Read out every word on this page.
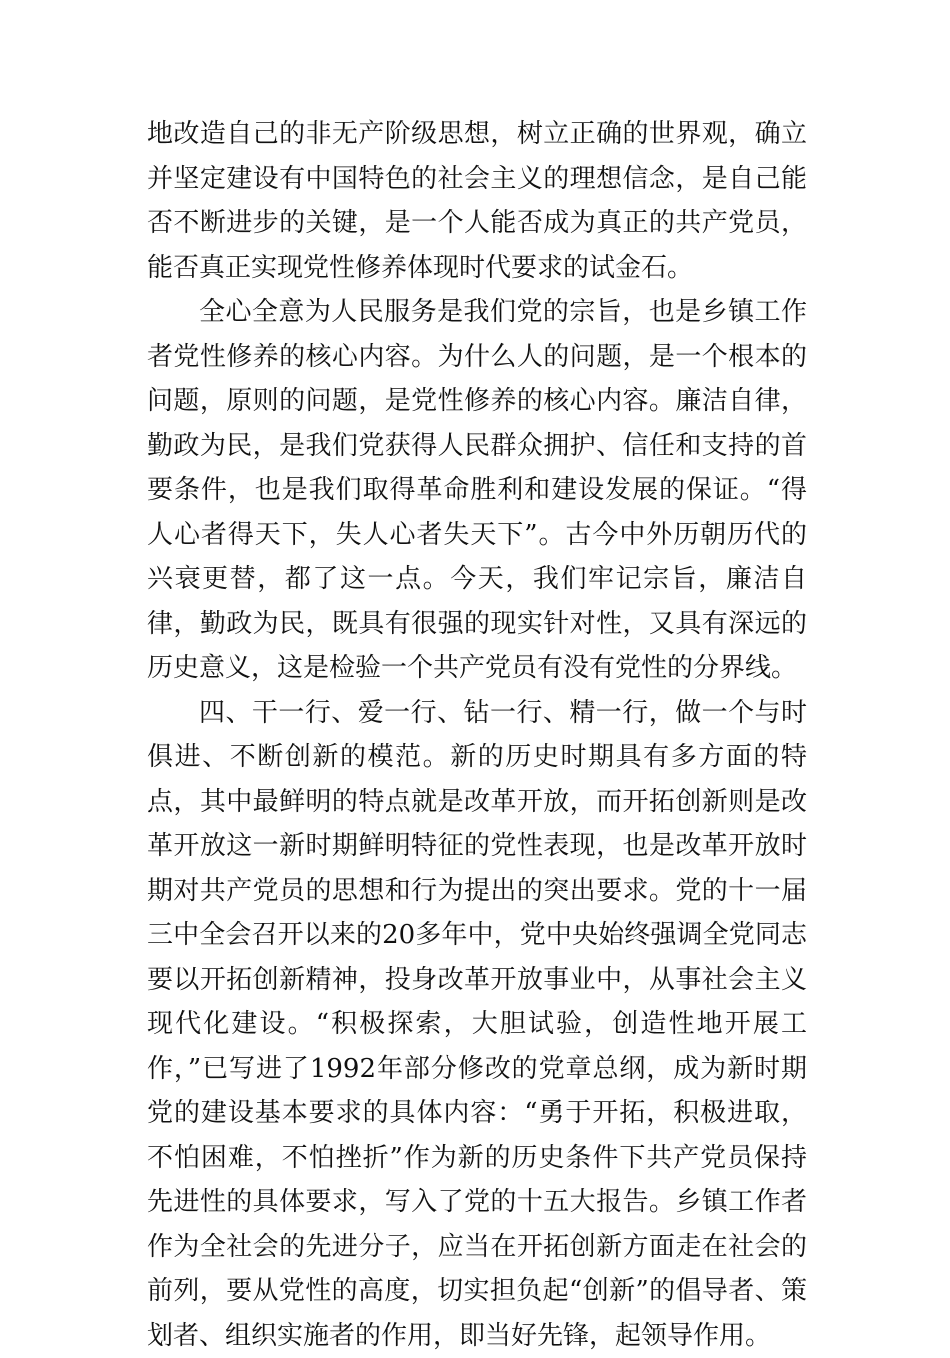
地改造自己的非无产阶级思想，树立正确的世界观，确立并坚定建设有中国特色的社会主义的理想信念，是自己能否不断进步的关键，是一个人能否成为真正的共产党员，能否真正实现党性修养体现时代要求的试金石。

全心全意为人民服务是我们党的宗旨，也是乡镇工作者党性修养的核心内容。为什么人的问题，是一个根本的问题，原则的问题，是党性修养的核心内容。廉洁自律，勤政为民，是我们党获得人民群众拥护、信任和支持的首要条件，也是我们取得革命胜利和建设发展的保证。“得人心者得天下，失人心者失天下”。古今中外历朝历代的兴衰更替，都了这一点。今天，我们牢记宗旨，廉洁自律，勤政为民，既具有很强的现实针对性，又具有深远的历史意义，这是检验一个共产党员有没有党性的分界线。

四、干一行、爱一行、钻一行、精一行，做一个与时俱进、不断创新的模范。新的历史时期具有多方面的特点，其中最鲜明的特点就是改革开放，而开拓创新则是改革开放这一新时期鲜明特征的党性表现，也是改革开放时期对共产党员的思想和行为提出的突出要求。党的十一届三中全会召开以来的20多年中，党中央始终强调全党同志要以开拓创新精神，投身改革开放事业中，从事社会主义现代化建设。“积极探索，大胆试验，创造性地开展工作，”已写进了1992年部分修改的党章总纲，成为新时期党的建设基本要求的具体内容：“勇于开拓，积极进取，不怕困难，不怕挫折”作为新的历史条件下共产党员保持先进性的具体要求，写入了党的十五大报告。乡镇工作者作为全社会的先进分子，应当在开拓创新方面走在社会的前列，要从党性的高度，切实担负起“创新”的倡导者、策划者、组织实施者的作用，即当好先锋，起领导作用。
